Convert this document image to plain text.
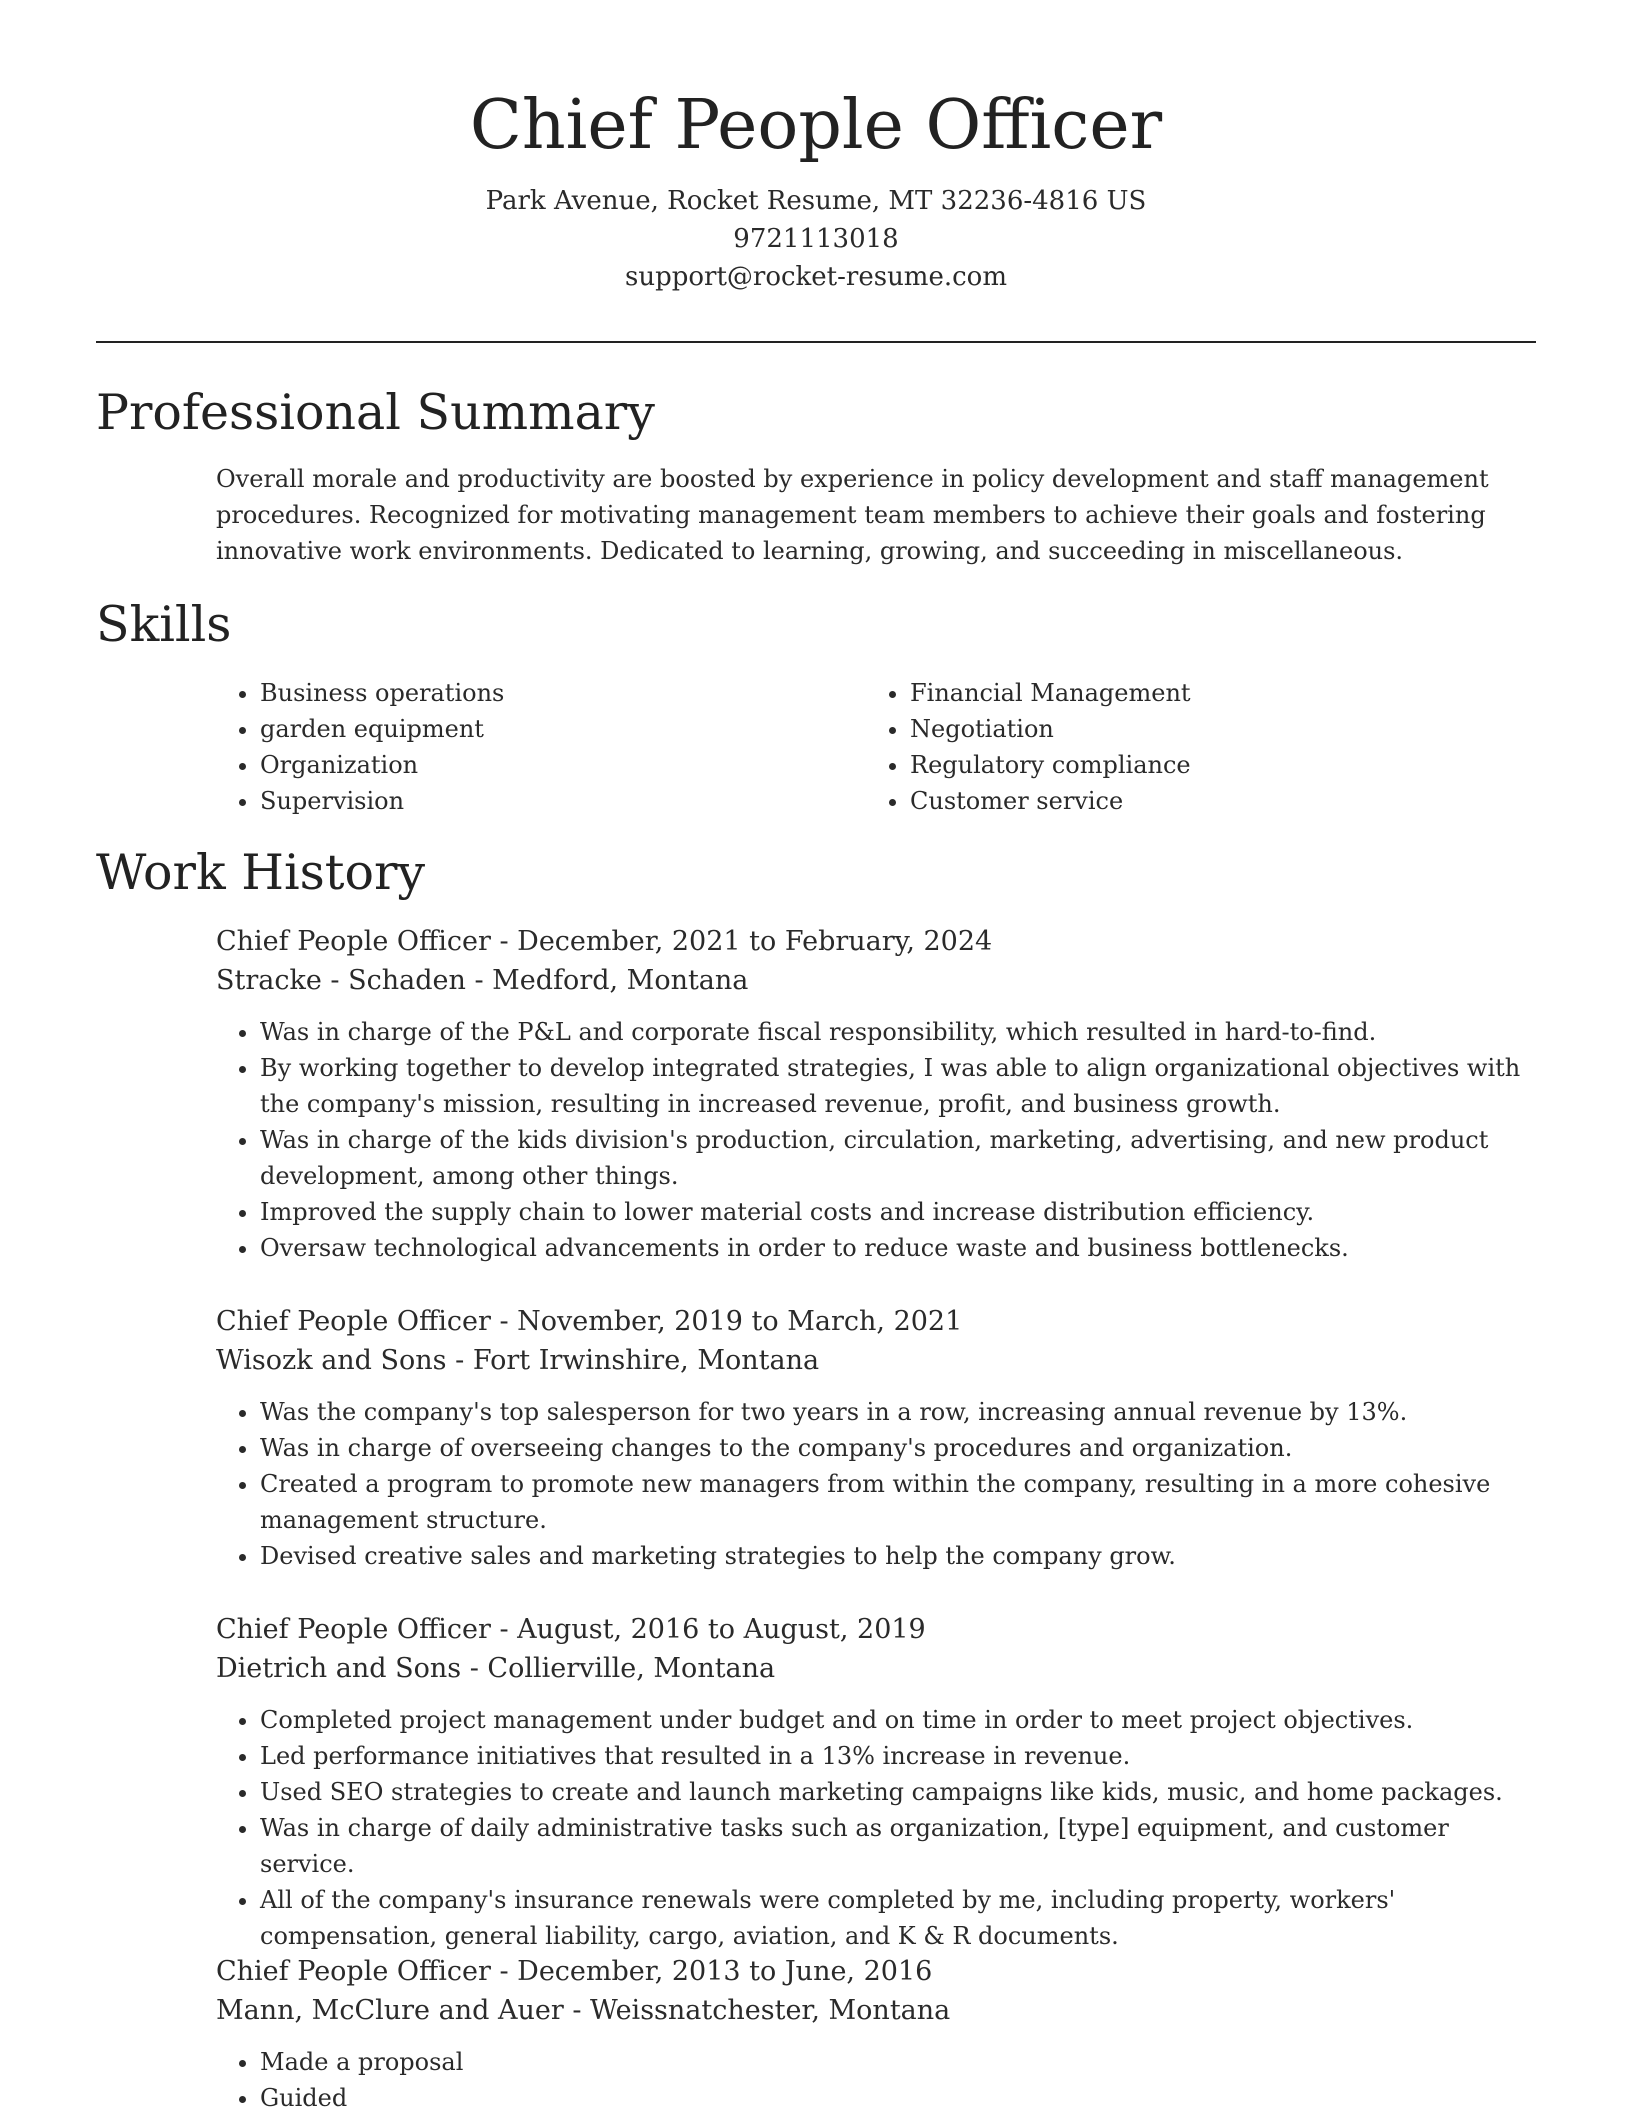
Chief People Officer
Park Avenue, Rocket Resume, MT 32236-4816 US
9721113018
support@rocket-resume.com
Professional Summary

Overall morale and productivity are boosted by experience in policy development and staff management procedures. Recognized for motivating management team members to achieve their goals and fostering innovative work environments. Dedicated to learning, growing, and succeeding in miscellaneous.

Skills
• Business operations
• garden equipment
• Organization
• Supervision
• Financial Management
• Negotiation
• Regulatory compliance
• Customer service
Work History
Chief People Officer - December, 2021 to February, 2024
Stracke - Schaden - Medford, Montana
• Was in charge of the P&L and corporate fiscal responsibility, which resulted in hard-to-find.
• By working together to develop integrated strategies, I was able to align organizational objectives with the company's mission, resulting in increased revenue, profit, and business growth.
• Was in charge of the kids division's production, circulation, marketing, advertising, and new product development, among other things.
• Improved the supply chain to lower material costs and increase distribution efficiency.
• Oversaw technological advancements in order to reduce waste and business bottlenecks.
Chief People Officer - November, 2019 to March, 2021
Wisozk and Sons - Fort Irwinshire, Montana
• Was the company's top salesperson for two years in a row, increasing annual revenue by 13%.
• Was in charge of overseeing changes to the company's procedures and organization.
• Created a program to promote new managers from within the company, resulting in a more cohesive management structure.
• Devised creative sales and marketing strategies to help the company grow.
Chief People Officer - August, 2016 to August, 2019
Dietrich and Sons - Collierville, Montana
• Completed project management under budget and on time in order to meet project objectives.
• Led performance initiatives that resulted in a 13% increase in revenue.
• Used SEO strategies to create and launch marketing campaigns like kids, music, and home packages.
• Was in charge of daily administrative tasks such as organization, [type] equipment, and customer service.
• All of the company's insurance renewals were completed by me, including property, workers' compensation, general liability, cargo, aviation, and K & R documents.
Chief People Officer - December, 2013 to June, 2016
Mann, McClure and Auer - Weissnatchester, Montana
• Made a proposal
• Guided
